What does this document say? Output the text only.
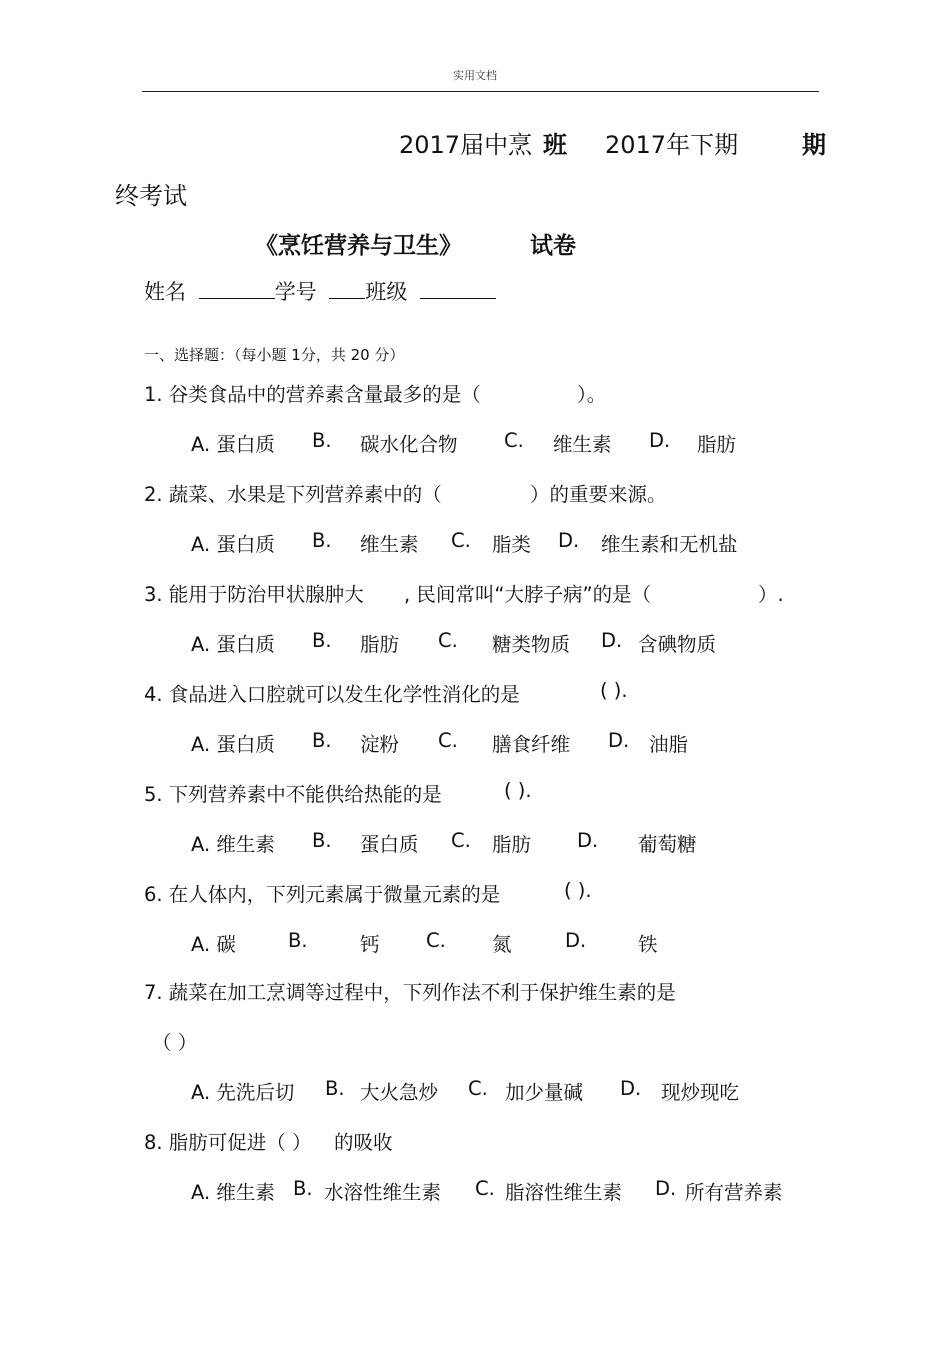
实用文档
2017届中烹 班 2017年下期	期
终考试
《烹饪营养与卫生》	试卷
姓名	学号 班级
一、选择题：（每小题 1分，共 20 分）
1. 谷类食品中的营养素含量最多的是（	）。
A. 蛋白质 B. 碳水化合物 C. 维生素 D. 脂肪
2. 蔬菜、水果是下列营养素中的（	）的重要来源。
A. 蛋白质 B. 维生素 C. 脂类 D. 维生素和无机盐
3. 能用于防治甲状腺肿大 , 民间常叫“大脖子病”的是（	）.
A. 蛋白质 B. 脂肪 C. 糖类物质 D. 含碘物质
4. 食品进入口腔就可以发生化学性消化的是	( ).
A. 蛋白质 B. 淀粉 C. 膳食纤维 D. 油脂
5. 下列营养素中不能供给热能的是	( ).
A. 维生素 B. 蛋白质 C. 脂肪 D. 葡萄糖
6. 在人体内，下列元素属于微量元素的是	( ).
A. 碳	B.	钙 C. 氮	D.	铁
7. 蔬菜在加工烹调等过程中，下列作法不利于保护维生素的是
（ ）
A. 先洗后切 B. 大火急炒 C. 加少量碱 D. 现炒现吃
8. 脂肪可促进（ ） 的吸收
A. 维生素 B. 水溶性维生素 C. 脂溶性维生素 D. 所有营养素
